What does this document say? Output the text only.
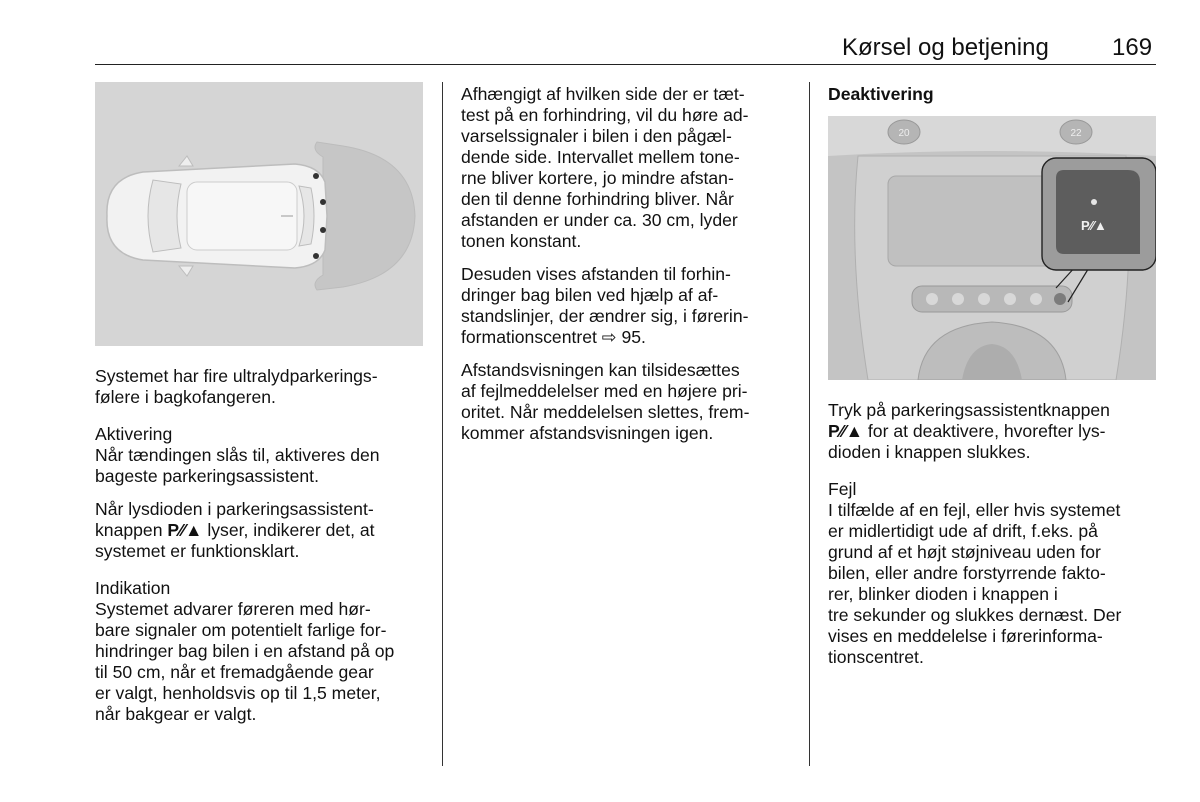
Kørsel og betjening	169

Systemet har fire ultralydparkerings-
følere i bagkofangeren.

Aktivering

Når tændingen slås til, aktiveres den
bageste parkeringsassistent.

Når lysdioden i parkeringsassistent-
knappen P⁄⁄▲ lyser, indikerer det, at
systemet er funktionsklart.

Indikation

Systemet advarer føreren med hør-
bare signaler om potentielt farlige for-
hindringer bag bilen i en afstand på op
til 50 cm, når et fremadgående gear
er valgt, henholdsvis op til 1,5 meter,
når bakgear er valgt.

Afhængigt af hvilken side der er tæt-
test på en forhindring, vil du høre ad-
varselssignaler i bilen i den pågæl-
dende side. Intervallet mellem tone-
rne bliver kortere, jo mindre afstan-
den til denne forhindring bliver. Når
afstanden er under ca. 30 cm, lyder
tonen konstant.

Desuden vises afstanden til forhin-
dringer bag bilen ved hjælp af af-
standslinjer, der ændrer sig, i førerin-
formationscentret ⇨ 95.

Afstandsvisningen kan tilsidesættes
af fejlmeddelelser med en højere pri-
oritet. Når meddelelsen slettes, frem-
kommer afstandsvisningen igen.

Deaktivering
20	22
P⁄⁄▲

Tryk på parkeringsassistentknappen
P⁄⁄▲ for at deaktivere, hvorefter lys-
dioden i knappen slukkes.

Fejl

I tilfælde af en fejl, eller hvis systemet
er midlertidigt ude af drift, f.eks. på
grund af et højt støjniveau uden for
bilen, eller andre forstyrrende fakto-
rer, blinker dioden i knappen i
tre sekunder og slukkes dernæst. Der
vises en meddelelse i førerinforma-
tionscentret.
